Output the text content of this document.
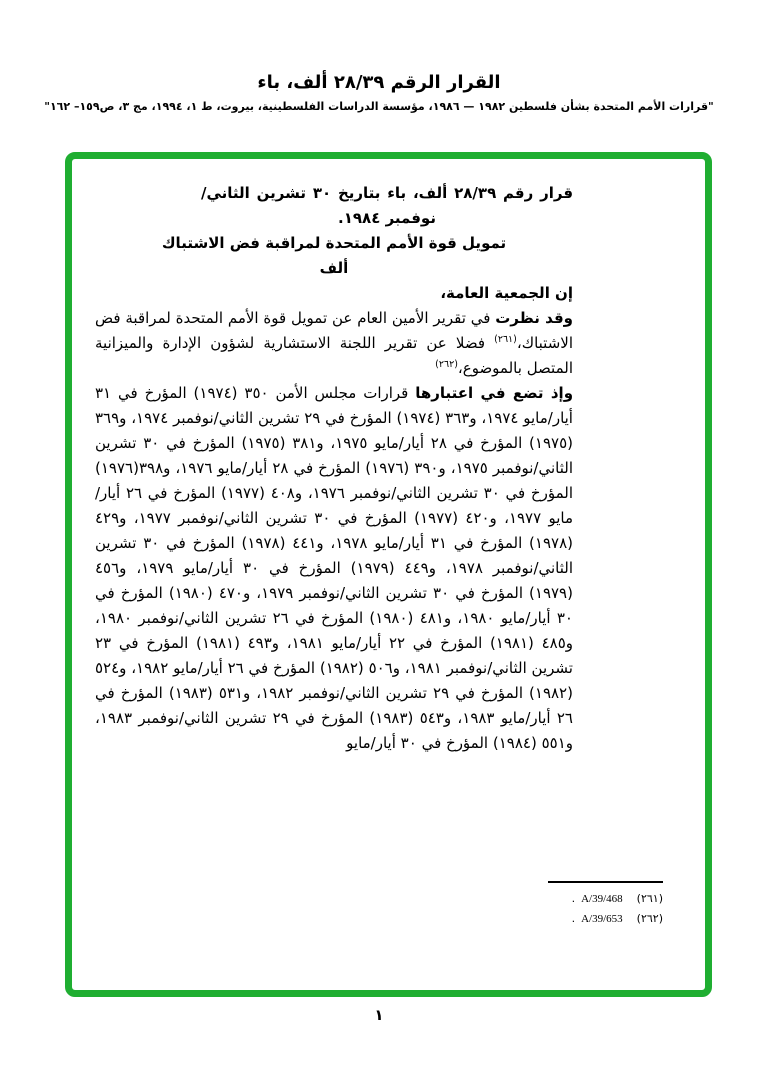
القرار الرقم ٢٨/٣٩ ألف، باء
"قرارات الأمم المتحدة بشأن فلسطين ١٩٨٢ — ١٩٨٦، مؤسسة الدراسات الفلسطينية، بيروت، ط ١، ١٩٩٤، مج ٣، ص١٥٩– ١٦٢"

قرار رقم ٢٨/٣٩ ألف، باء بتاريخ ٣٠ تشرين الثاني/نوفمبر ١٩٨٤.

تمويل قوة الأمم المتحدة لمراقبة فض الاشتباك

ألف

إن الجمعية العامة،

وقد نظرت في تقرير الأمين العام عن تمويل قوة الأمم المتحدة لمراقبة فض الاشتباك،$^{(٢٦١)}$ فضلا عن تقرير اللجنة الاستشارية لشؤون الإدارة والميزانية المتصل بالموضوع،$^{(٢٦٢)}$

وإذ تضع في اعتبارها قرارات مجلس الأمن ٣٥٠ (١٩٧٤) المؤرخ في ٣١ أيار/مايو ١٩٧٤، و٣٦٣ (١٩٧٤) المؤرخ في ٢٩ تشرين الثاني/نوفمبر ١٩٧٤، و٣٦٩ (١٩٧٥) المؤرخ في ٢٨ أيار/مايو ١٩٧٥، و٣٨١ (١٩٧٥) المؤرخ في ٣٠ تشرين الثاني/نوفمبر ١٩٧٥، و٣٩٠ (١٩٧٦) المؤرخ في ٢٨ أيار/مايو ١٩٧٦، و٣٩٨(١٩٧٦) المؤرخ في ٣٠ تشرين الثاني/نوفمبر ١٩٧٦، و٤٠٨ (١٩٧٧) المؤرخ في ٢٦ أيار/مايو ١٩٧٧، و٤٢٠ (١٩٧٧) المؤرخ في ٣٠ تشرين الثاني/نوفمبر ١٩٧٧، و٤٢٩ (١٩٧٨) المؤرخ في ٣١ أيار/مايو ١٩٧٨، و٤٤١ (١٩٧٨) المؤرخ في ٣٠ تشرين الثاني/نوفمبر ١٩٧٨، و٤٤٩ (١٩٧٩) المؤرخ في ٣٠ أيار/مايو ١٩٧٩، و٤٥٦ (١٩٧٩) المؤرخ في ٣٠ تشرين الثاني/نوفمبر ١٩٧٩، و٤٧٠ (١٩٨٠) المؤرخ في ٣٠ أيار/مايو ١٩٨٠، و٤٨١ (١٩٨٠) المؤرخ في ٢٦ تشرين الثاني/نوفمبر ١٩٨٠، و٤٨٥ (١٩٨١) المؤرخ في ٢٢ أيار/مايو ١٩٨١، و٤٩٣ (١٩٨١) المؤرخ في ٢٣ تشرين الثاني/نوفمبر ١٩٨١، و٥٠٦ (١٩٨٢) المؤرخ في ٢٦ أيار/مايو ١٩٨٢، و٥٢٤ (١٩٨٢) المؤرخ في ٢٩ تشرين الثاني/نوفمبر ١٩٨٢، و٥٣١ (١٩٨٣) المؤرخ في ٢٦ أيار/مايو ١٩٨٣، و٥٤٣ (١٩٨٣) المؤرخ في ٢٩ تشرين الثاني/نوفمبر ١٩٨٣، و٥٥١ (١٩٨٤) المؤرخ في ٣٠ أيار/مايو

(٢٦١)A/39/468.
(٢٦٢)A/39/653.
١
